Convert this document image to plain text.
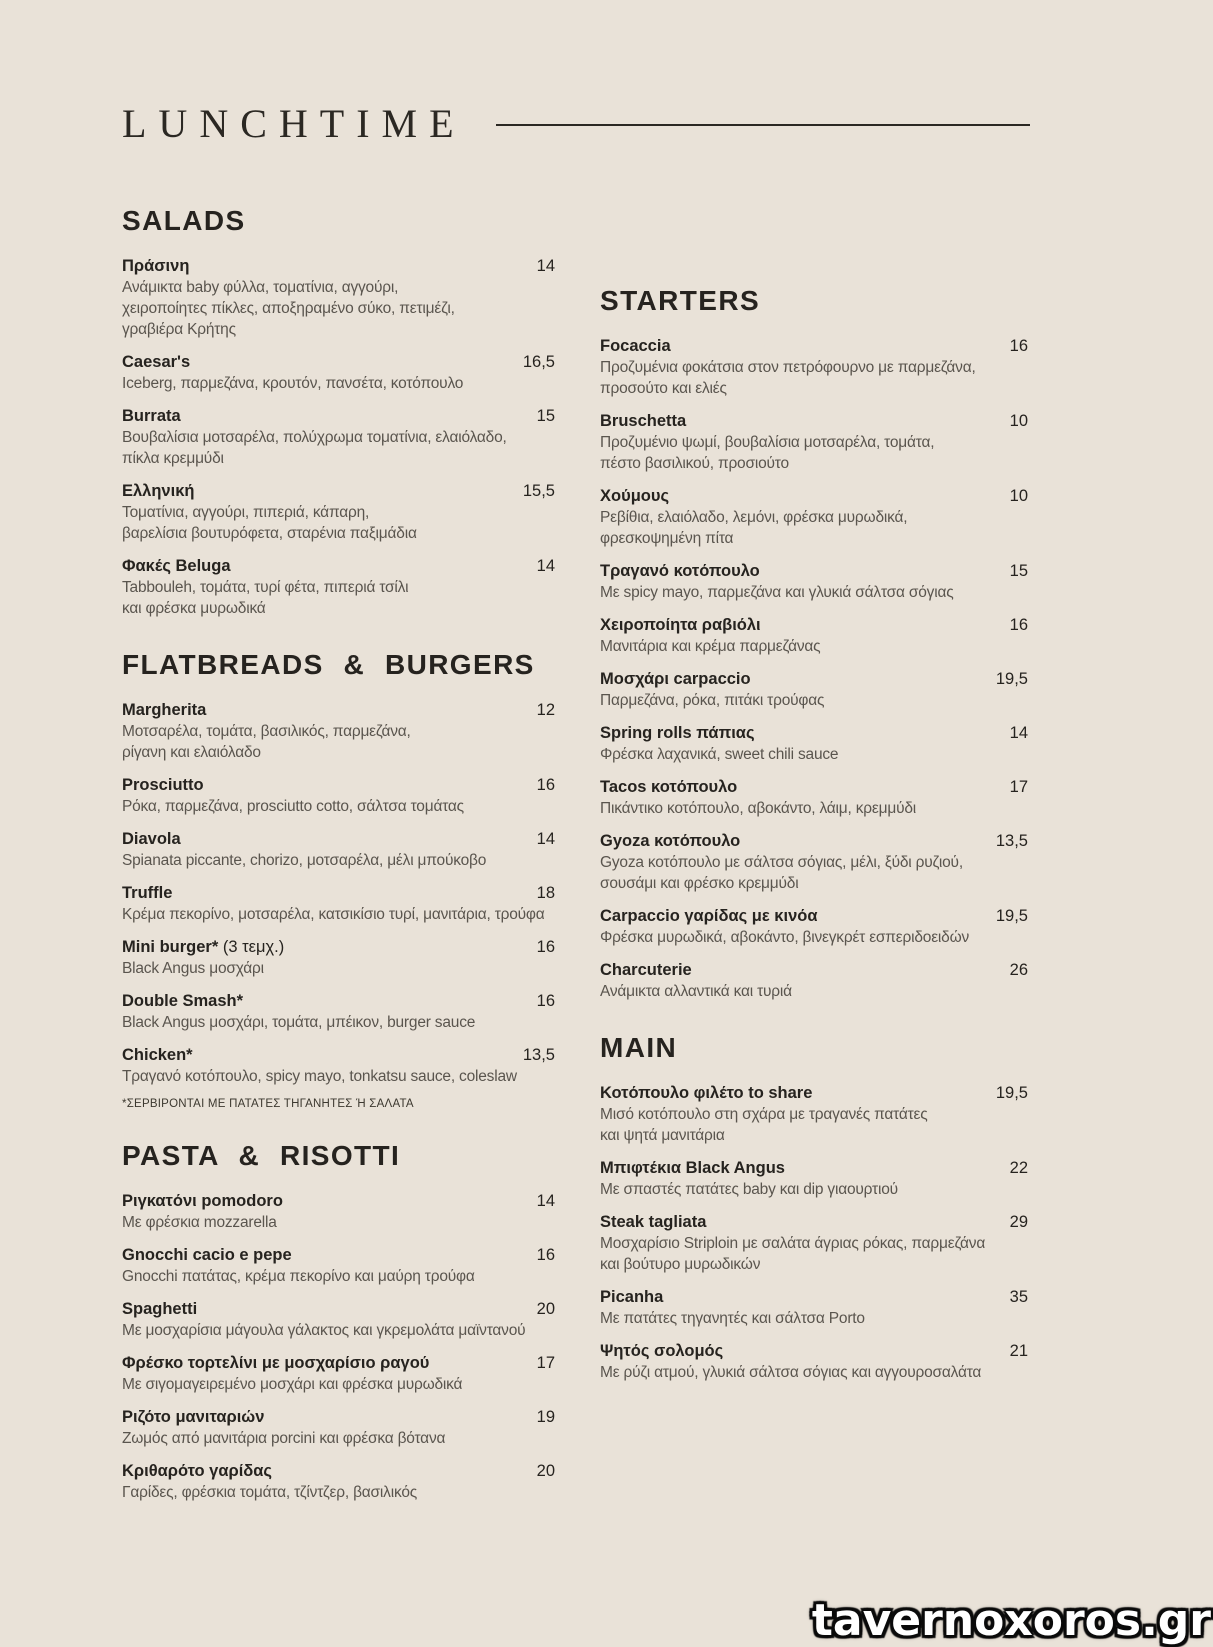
LUNCHTIME
SALADS
Πράσινη	14
Ανάμικτα baby φύλλα, τοματίνια, αγγούρι,
χειροποίητες πίκλες, αποξηραμένο σύκο, πετιμέζι,
γραβιέρα Κρήτης
Caesar's	16,5
Iceberg, παρμεζάνα, κρουτόν, πανσέτα, κοτόπουλο
Burrata	15
Βουβαλίσια μοτσαρέλα, πολύχρωμα τοματίνια, ελαιόλαδο,
πίκλα κρεμμύδι
Ελληνική	15,5
Τοματίνια, αγγούρι, πιπεριά, κάπαρη,
βαρελίσια βουτυρόφετα, σταρένια παξιμάδια
Φακές Beluga	14
Tabbouleh, τομάτα, τυρί φέτα, πιπεριά τσίλι
και φρέσκα μυρωδικά
FLATBREADS & BURGERS
Margherita	12
Μοτσαρέλα, τομάτα, βασιλικός, παρμεζάνα,
ρίγανη και ελαιόλαδο
Prosciutto	16
Ρόκα, παρμεζάνα, prosciutto cotto, σάλτσα τομάτας
Diavola	14
Spianata piccante, chorizo, μοτσαρέλα, μέλι μπούκοβο
Truffle	18
Κρέμα πεκορίνο, μοτσαρέλα, κατσικίσιο τυρί, μανιτάρια, τρούφα
Mini burger* (3 τεμχ.)	16
Black Angus μοσχάρι
Double Smash*	16
Black Angus μοσχάρι, τομάτα, μπέικον, burger sauce
Chicken*	13,5
Τραγανό κοτόπουλο, spicy mayo, tonkatsu sauce, coleslaw
*ΣΕΡΒΙΡΟΝΤΑΙ ΜΕ ΠΑΤΑΤΕΣ ΤΗΓΑΝΗΤΕΣ Ή ΣΑΛΑΤΑ
PASTA & RISOTTI
Ριγκατόνι pomodoro	14
Με φρέσκια mozzarella
Gnocchi cacio e pepe	16
Gnocchi πατάτας, κρέμα πεκορίνο και μαύρη τρούφα
Spaghetti	20
Με μοσχαρίσια μάγουλα γάλακτος και γκρεμολάτα μαϊντανού
Φρέσκο τορτελίνι με μοσχαρίσιο ραγού	17
Με σιγομαγειρεμένο μοσχάρι και φρέσκα μυρωδικά
Ριζότο μανιταριών	19
Ζωμός από μανιτάρια porcini και φρέσκα βότανα
Κριθαρότο γαρίδας	20
Γαρίδες, φρέσκια τομάτα, τζίντζερ, βασιλικός
STARTERS
Focaccia	16
Προζυμένια φοκάτσια στον πετρόφουρνο με παρμεζάνα,
προσούτο και ελιές
Bruschetta	10
Προζυμένιο ψωμί, βουβαλίσια μοτσαρέλα, τομάτα,
πέστο βασιλικού, προσιούτο
Χούμους	10
Ρεβίθια, ελαιόλαδο, λεμόνι, φρέσκα μυρωδικά,
φρεσκοψημένη πίτα
Τραγανό κοτόπουλο	15
Με spicy mayo, παρμεζάνα και γλυκιά σάλτσα σόγιας
Χειροποίητα ραβιόλι	16
Μανιτάρια και κρέμα παρμεζάνας
Μοσχάρι carpaccio	19,5
Παρμεζάνα, ρόκα, πιτάκι τρούφας
Spring rolls πάπιας	14
Φρέσκα λαχανικά, sweet chili sauce
Tacos κοτόπουλο	17
Πικάντικο κοτόπουλο, αβοκάντο, λάιμ, κρεμμύδι
Gyoza κοτόπουλο	13,5
Gyoza κοτόπουλο με σάλτσα σόγιας, μέλι, ξύδι ρυζιού,
σουσάμι και φρέσκο κρεμμύδι
Carpaccio γαρίδας με κινόα	19,5
Φρέσκα μυρωδικά, αβοκάντο, βινεγκρέτ εσπεριδοειδών
Charcuterie	26
Ανάμικτα αλλαντικά και τυριά
MAIN
Κοτόπουλο φιλέτο to share	19,5
Μισό κοτόπουλο στη σχάρα με τραγανές πατάτες
και ψητά μανιτάρια
Μπιφτέκια Black Angus	22
Με σπαστές πατάτες baby και dip γιαουρτιού
Steak tagliata	29
Μοσχαρίσιο Striploin με σαλάτα άγριας ρόκας, παρμεζάνα
και βούτυρο μυρωδικών
Picanha	35
Με πατάτες τηγανητές και σάλτσα Porto
Ψητός σολομός	21
Με ρύζι ατμού, γλυκιά σάλτσα σόγιας και αγγουροσαλάτα
tavernoxoros.gr
